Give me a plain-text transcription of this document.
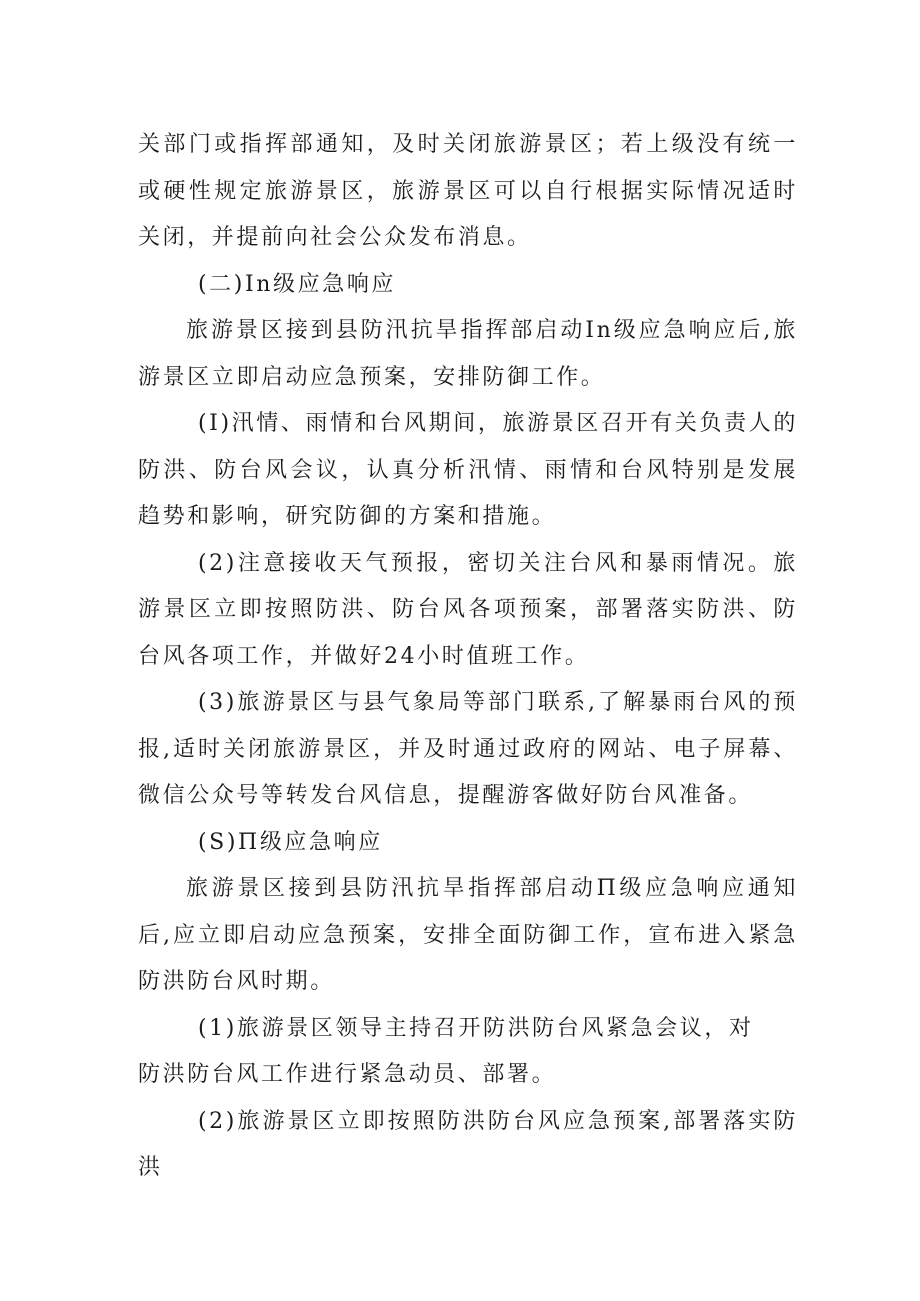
关部门或指挥部通知，及时关闭旅游景区；若上级没有统一或硬性规定旅游景区，旅游景区可以自行根据实际情况适时关闭，并提前向社会公众发布消息。

(二)In级应急响应

旅游景区接到县防汛抗旱指挥部启动In级应急响应后,旅游景区立即启动应急预案，安排防御工作。

(I)汛情、雨情和台风期间，旅游景区召开有关负责人的防洪、防台风会议，认真分析汛情、雨情和台风特别是发展趋势和影响，研究防御的方案和措施。

(2)注意接收天气预报，密切关注台风和暴雨情况。旅游景区立即按照防洪、防台风各项预案，部署落实防洪、防台风各项工作，并做好24小时值班工作。

(3)旅游景区与县气象局等部门联系,了解暴雨台风的预报,适时关闭旅游景区，并及时通过政府的网站、电子屏幕、微信公众号等转发台风信息，提醒游客做好防台风准备。

(S)Π级应急响应

旅游景区接到县防汛抗旱指挥部启动Π级应急响应通知后,应立即启动应急预案，安排全面防御工作，宣布进入紧急防洪防台风时期。

(1)旅游景区领导主持召开防洪防台风紧急会议，对

防洪防台风工作进行紧急动员、部署。

(2)旅游景区立即按照防洪防台风应急预案,部署落实防洪
